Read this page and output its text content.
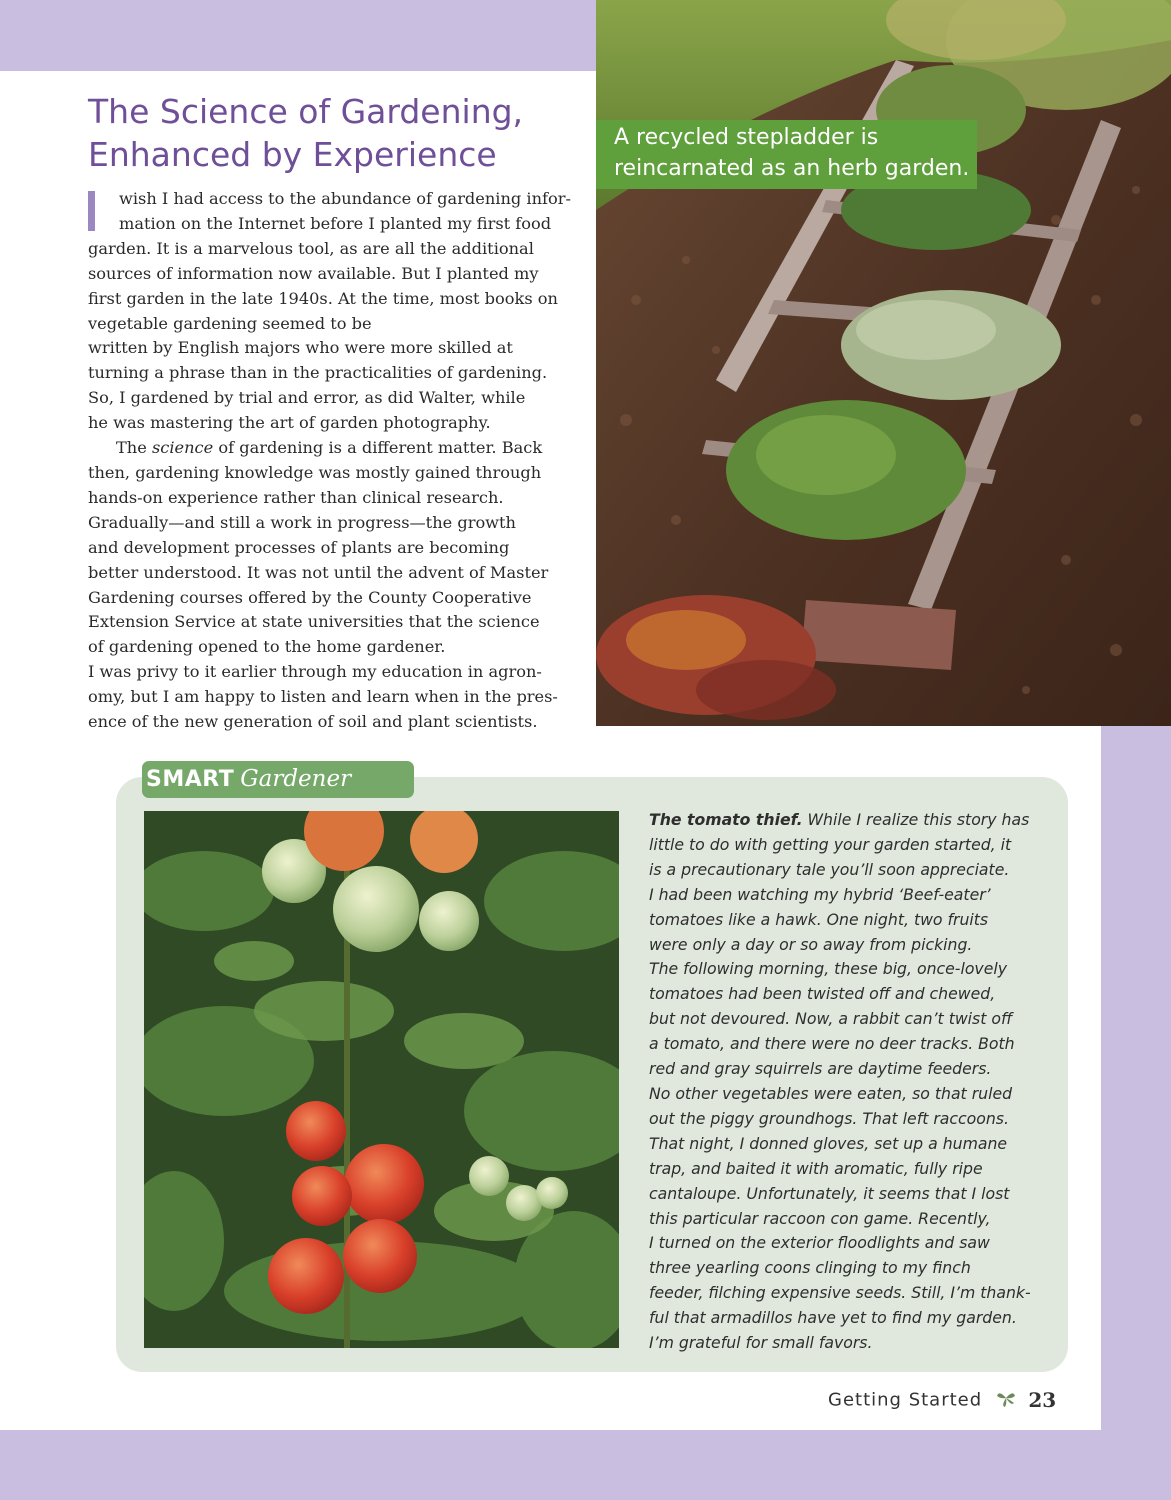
A recycled stepladder is
reincarnated as an herb garden.
The Science of Gardening,
Enhanced by Experience

wish I had access to the abundance of gardening infor-
mation on the Internet before I planted my first food
garden. It is a marvelous tool, as are all the additional
sources of information now available. But I planted my
first garden in the late 1940s. At the time, most books on
vegetable gardening seemed to be
written by English majors who were more skilled at
turning a phrase than in the practicalities of gardening.
So, I gardened by trial and error, as did Walter, while
he was mastering the art of garden photography.

The science of gardening is a different matter. Back
then, gardening knowledge was mostly gained through
hands-on experience rather than clinical research.
Gradually—and still a work in progress—the growth
and development processes of plants are becoming
better understood. It was not until the advent of Master
Gardening courses offered by the County Cooperative
Extension Service at state universities that the science
of gardening opened to the home gardener.
I was privy to it earlier through my education in agron-
omy, but I am happy to listen and learn when in the pres-
ence of the new generation of soil and plant scientists.

SMART Gardener
The tomato thief. While I realize this story has
little to do with getting your garden started, it
is a precautionary tale you’ll soon appreciate.
I had been watching my hybrid ‘Beef-eater’
tomatoes like a hawk. One night, two fruits
were only a day or so away from picking.
The following morning, these big, once-lovely
tomatoes had been twisted off and chewed,
but not devoured. Now, a rabbit can’t twist off
a tomato, and there were no deer tracks. Both
red and gray squirrels are daytime feeders.
No other vegetables were eaten, so that ruled
out the piggy groundhogs. That left raccoons.
That night, I donned gloves, set up a humane
trap, and baited it with aromatic, fully ripe
cantaloupe. Unfortunately, it seems that I lost
this particular raccoon con game. Recently,
I turned on the exterior floodlights and saw
three yearling coons clinging to my finch
feeder, filching expensive seeds. Still, I’m thank-
ful that armadillos have yet to find my garden.
I’m grateful for small favors.
Getting Started 23
